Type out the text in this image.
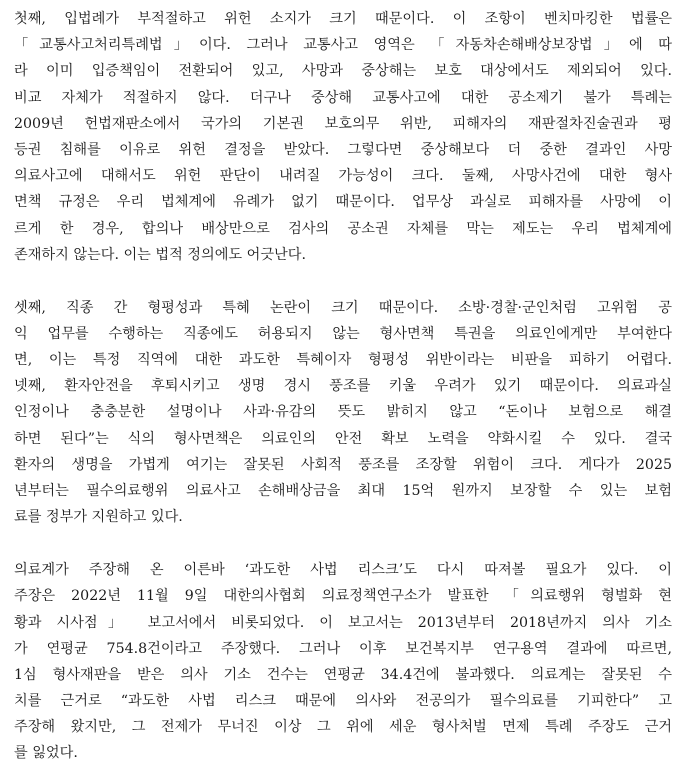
첫째, 입법례가 부적절하고 위헌 소지가 크기 때문이다. 이 조항이 벤치마킹한 법률은
「교통사고처리특례법」이다. 그러나 교통사고 영역은 「자동차손해배상보장법」에 따
라 이미 입증책임이 전환되어 있고, 사망과 중상해는 보호 대상에서도 제외되어 있다.
비교 자체가 적절하지 않다. 더구나 중상해 교통사고에 대한 공소제기 불가 특례는
2009년 헌법재판소에서 국가의 기본권 보호의무 위반, 피해자의 재판절차진술권과 평
등권 침해를 이유로 위헌 결정을 받았다. 그렇다면 중상해보다 더 중한 결과인 사망
의료사고에 대해서도 위헌 판단이 내려질 가능성이 크다. 둘째, 사망사건에 대한 형사
면책 규정은 우리 법체계에 유례가 없기 때문이다. 업무상 과실로 피해자를 사망에 이
르게 한 경우, 합의나 배상만으로 검사의 공소권 자체를 막는 제도는 우리 법체계에
존재하지 않는다. 이는 법적 정의에도 어긋난다.
셋째, 직종 간 형평성과 특혜 논란이 크기 때문이다. 소방·경찰·군인처럼 고위험 공
익 업무를 수행하는 직종에도 허용되지 않는 형사면책 특권을 의료인에게만 부여한다
면, 이는 특정 직역에 대한 과도한 특혜이자 형평성 위반이라는 비판을 피하기 어렵다.
넷째, 환자안전을 후퇴시키고 생명 경시 풍조를 키울 우려가 있기 때문이다. 의료과실
인정이나 충충분한 설명이나 사과·유감의 뜻도 밝히지 않고 “돈이나 보험으로 해결
하면 된다”는 식의 형사면책은 의료인의 안전 확보 노력을 약화시킬 수 있다. 결국
환자의 생명을 가볍게 여기는 잘못된 사회적 풍조를 조장할 위험이 크다. 게다가 2025
년부터는 필수의료행위 의료사고 손해배상금을 최대 15억 원까지 보장할 수 있는 보험
료를 정부가 지원하고 있다.
의료계가 주장해 온 이른바 ‘과도한 사법 리스크’도 다시 따져볼 필요가 있다. 이
주장은 2022년 11월 9일 대한의사협회 의료정책연구소가 발표한 「의료행위 형벌화 현
황과 시사점」 보고서에서 비롯되었다. 이 보고서는 2013년부터 2018년까지 의사 기소
가 연평균 754.8건이라고 주장했다. 그러나 이후 보건복지부 연구용역 결과에 따르면,
1심 형사재판을 받은 의사 기소 건수는 연평균 34.4건에 불과했다. 의료계는 잘못된 수
치를 근거로 “과도한 사법 리스크 때문에 의사와 전공의가 필수의료를 기피한다” 고
주장해 왔지만, 그 전제가 무너진 이상 그 위에 세운 형사처벌 면제 특례 주장도 근거
를 잃었다.
